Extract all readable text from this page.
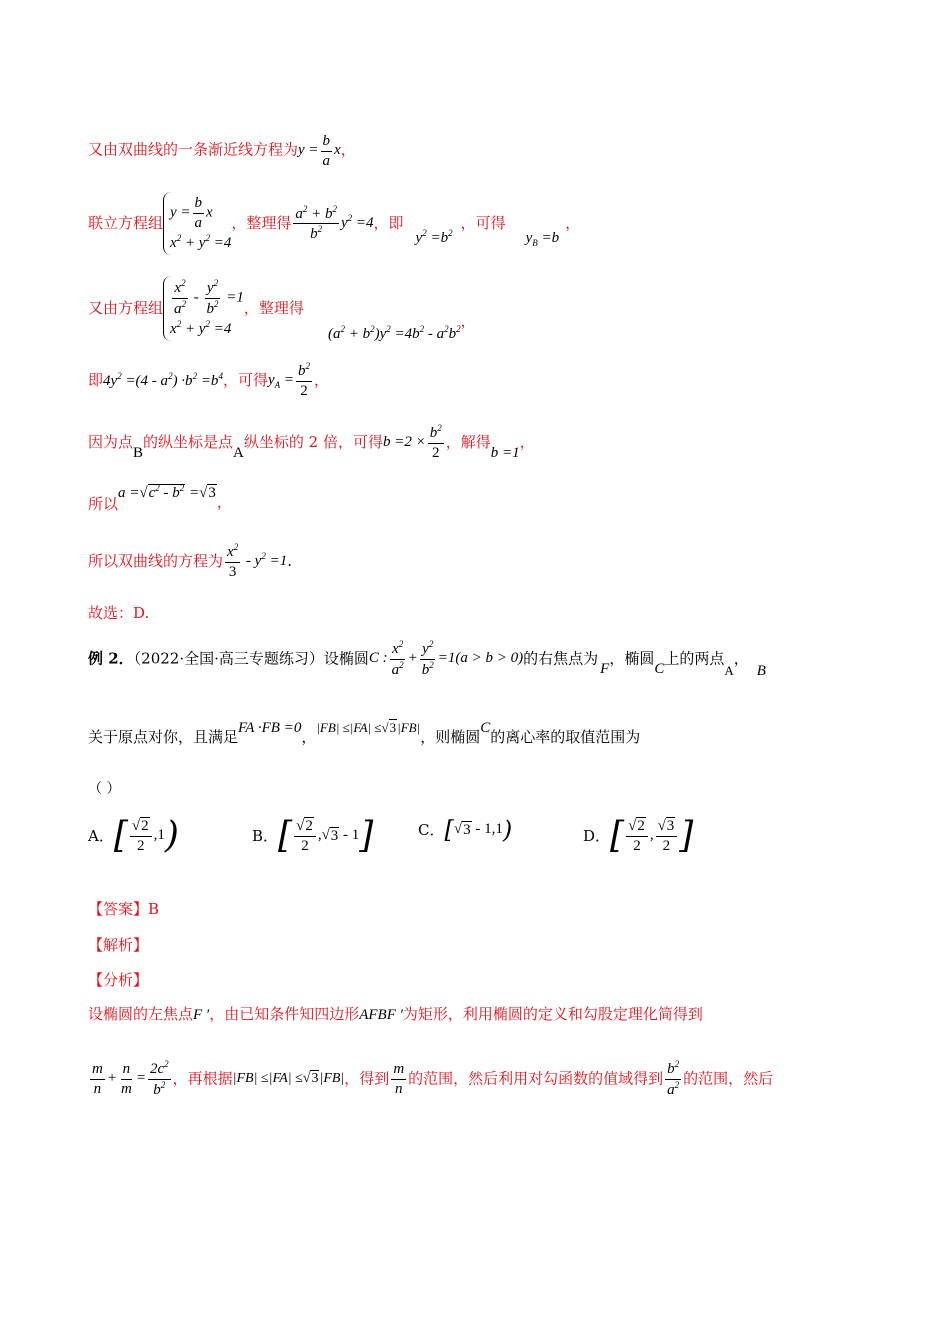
又由双曲线的一条渐近线方程为$y = \frac{b}{a}$ x，
联立方程组
$y = \frac{b}{a}$ x
$x^2 + y^2 =4$
，整理得 $\frac{a^2 + b^2}{b^2} y^2 =4$，即$y^2 =b^2$，可得$y_B =b$，
又由方程组 $\frac{x^2}{a^2} - \frac{y^2}{b^2} =1$
$x^2 + y^2 =4$
，整理得
$(a^2 + b^2)y^2 =4b^2 - a^2b^2$，
即$4y^2 =(4 - a^2) \cdot b^2 =b^4$，可得$y_A = \frac{b^2}{2}$ ，
因为点B的纵坐标是点A纵坐标的 2 倍，可得$b =2 \times \frac{b^2}{2}$ ，解得b =1，
所以$a =√c^2 - b^2 =√3$，
所以双曲线的方程为 $\frac{x^2}{3} - y^2 =1$.
故选：D.
例 2．（2022·全国·高三专题练习）设椭圆C : $\frac{x^2}{a^2} + \frac{y^2}{b^2} =1(a > b > 0)$的右焦点为F，椭圆C上的两点A，B
关于原点对你，且满足FA ·FB =0，|FB| ≤|FA| ≤√3|FB|，则椭圆C的离心率的取值范围为
（ ）
A．[ $\frac{√2}{2} ,1$)	B．[ $\frac{√2}{2} ,√3 - 1$]	C．[√3 - 1,1)	D．[ $\frac{√2}{2}$ , $\frac{√3}{2}$ ]
【答案】B
【解析】
【分析】
设椭圆的左焦点F ′，由已知条件知四边形AFBF ′为矩形，利用椭圆的定义和勾股定理化简得到
$\frac{m}{n} + \frac{n}{m} = \frac{2c^2}{b^2}$ ，再根据|FB| ≤|FA| ≤√3|FB|，得到 $\frac{m}{n}$ 的范围，然后利用对勾函数的值域得到 $\frac{b^2}{a^2}$ 的范围，然后
